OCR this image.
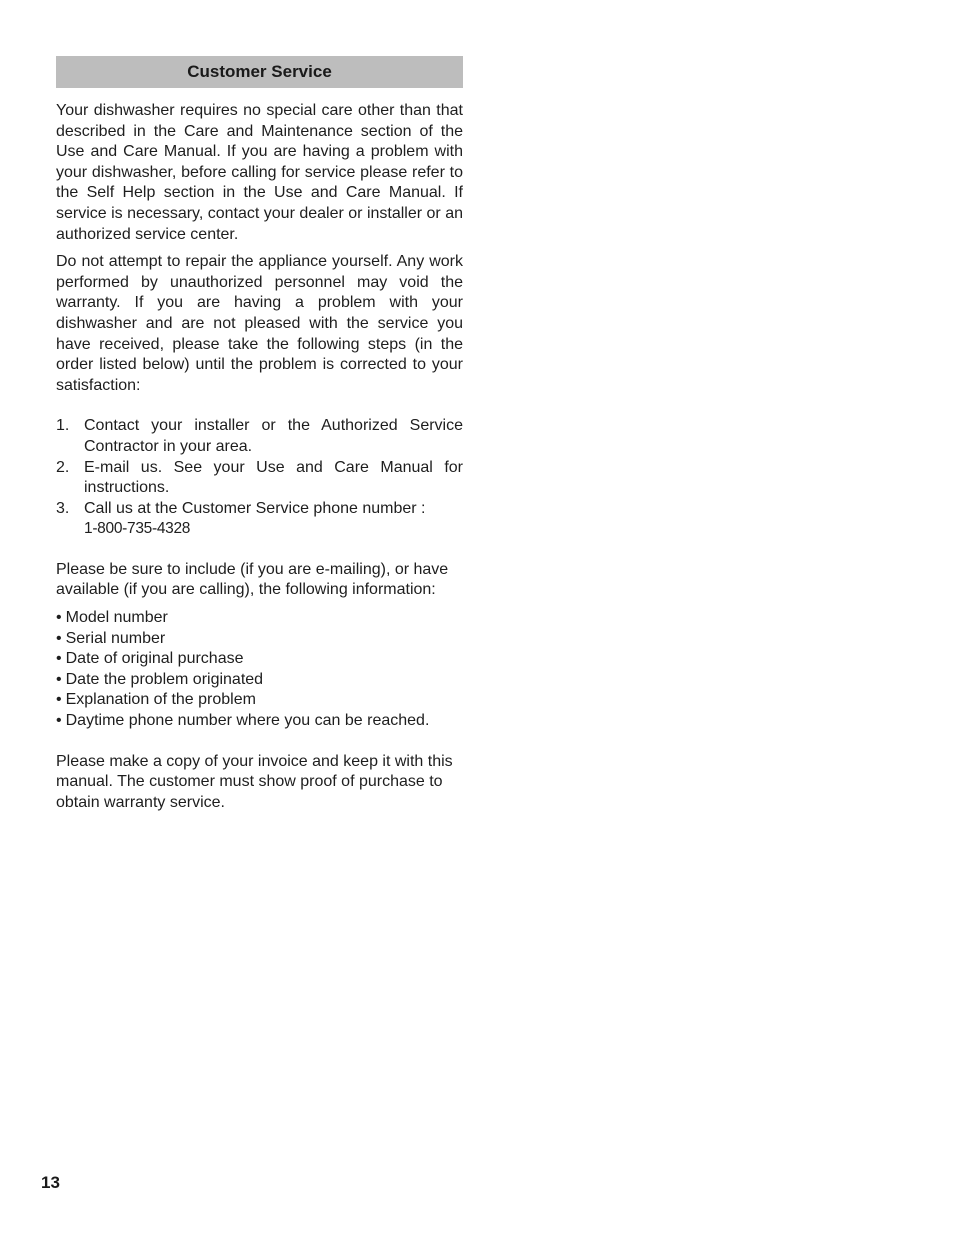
Customer Service

Your dishwasher requires no special care other than that described in the Care and Maintenance section of the Use and Care Manual. If you are having a problem with your dishwasher, before calling for service please refer to the Self Help section in the Use and Care Manual. If service is necessary, contact your dealer or installer or an authorized service center.

Do not attempt to repair the appliance yourself. Any work performed by unauthorized personnel may void the warranty. If you are having a problem with your dishwasher and are not pleased with the service you have received, please take the following steps (in the order listed below) until the problem is corrected to your satisfaction:

1. Contact your installer or the Authorized Service Contractor in your area.
2. E-mail us. See your Use and Care Manual for instructions.
3. Call us at the Customer Service phone number :
1-800-735-4328

Please be sure to include (if you are e-mailing), or have available (if you are calling), the following information:

• Model number
• Serial number
• Date of original purchase
• Date the problem originated
• Explanation of the problem
• Daytime phone number where you can be reached.

Please make a copy of your invoice and keep it with this manual. The customer must show proof of purchase to obtain warranty service.

13
